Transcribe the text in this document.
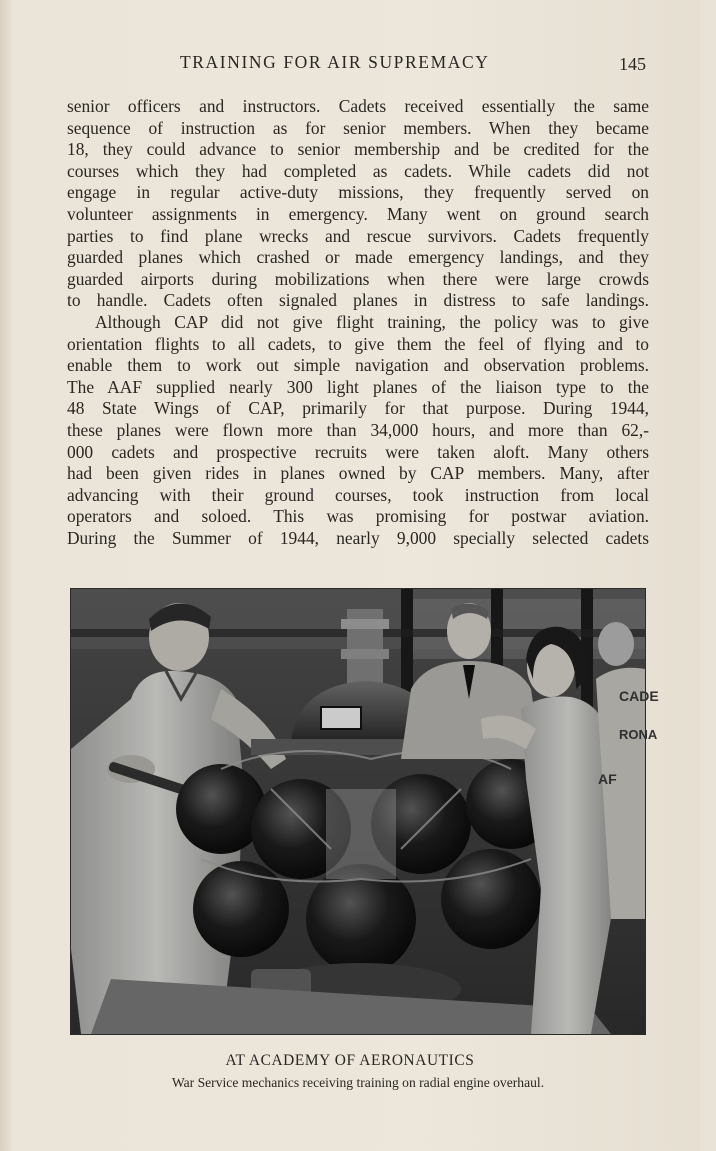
TRAINING FOR AIR SUPREMACY	145
senior officers and instructors. Cadets received essentially the same
sequence of instruction as for senior members. When they became
18, they could advance to senior membership and be credited for the
courses which they had completed as cadets. While cadets did not
engage in regular active-duty missions, they frequently served on
volunteer assignments in emergency. Many went on ground search
parties to find plane wrecks and rescue survivors. Cadets frequently
guarded planes which crashed or made emergency landings, and they
guarded airports during mobilizations when there were large crowds
to handle. Cadets often signaled planes in distress to safe landings.
Although CAP did not give flight training, the policy was to give
orientation flights to all cadets, to give them the feel of flying and to
enable them to work out simple navigation and observation problems.
The AAF supplied nearly 300 light planes of the liaison type to the
48 State Wings of CAP, primarily for that purpose. During 1944,
these planes were flown more than 34,000 hours, and more than 62,-
000 cadets and prospective recruits were taken aloft. Many others
had been given rides in planes owned by CAP members. Many, after
advancing with their ground courses, took instruction from local
operators and soloed. This was promising for postwar aviation.
During the Summer of 1944, nearly 9,000 specially selected cadets
CADE
RONA
AF
AT ACADEMY OF AERONAUTICS
War Service mechanics receiving training on radial engine overhaul.
